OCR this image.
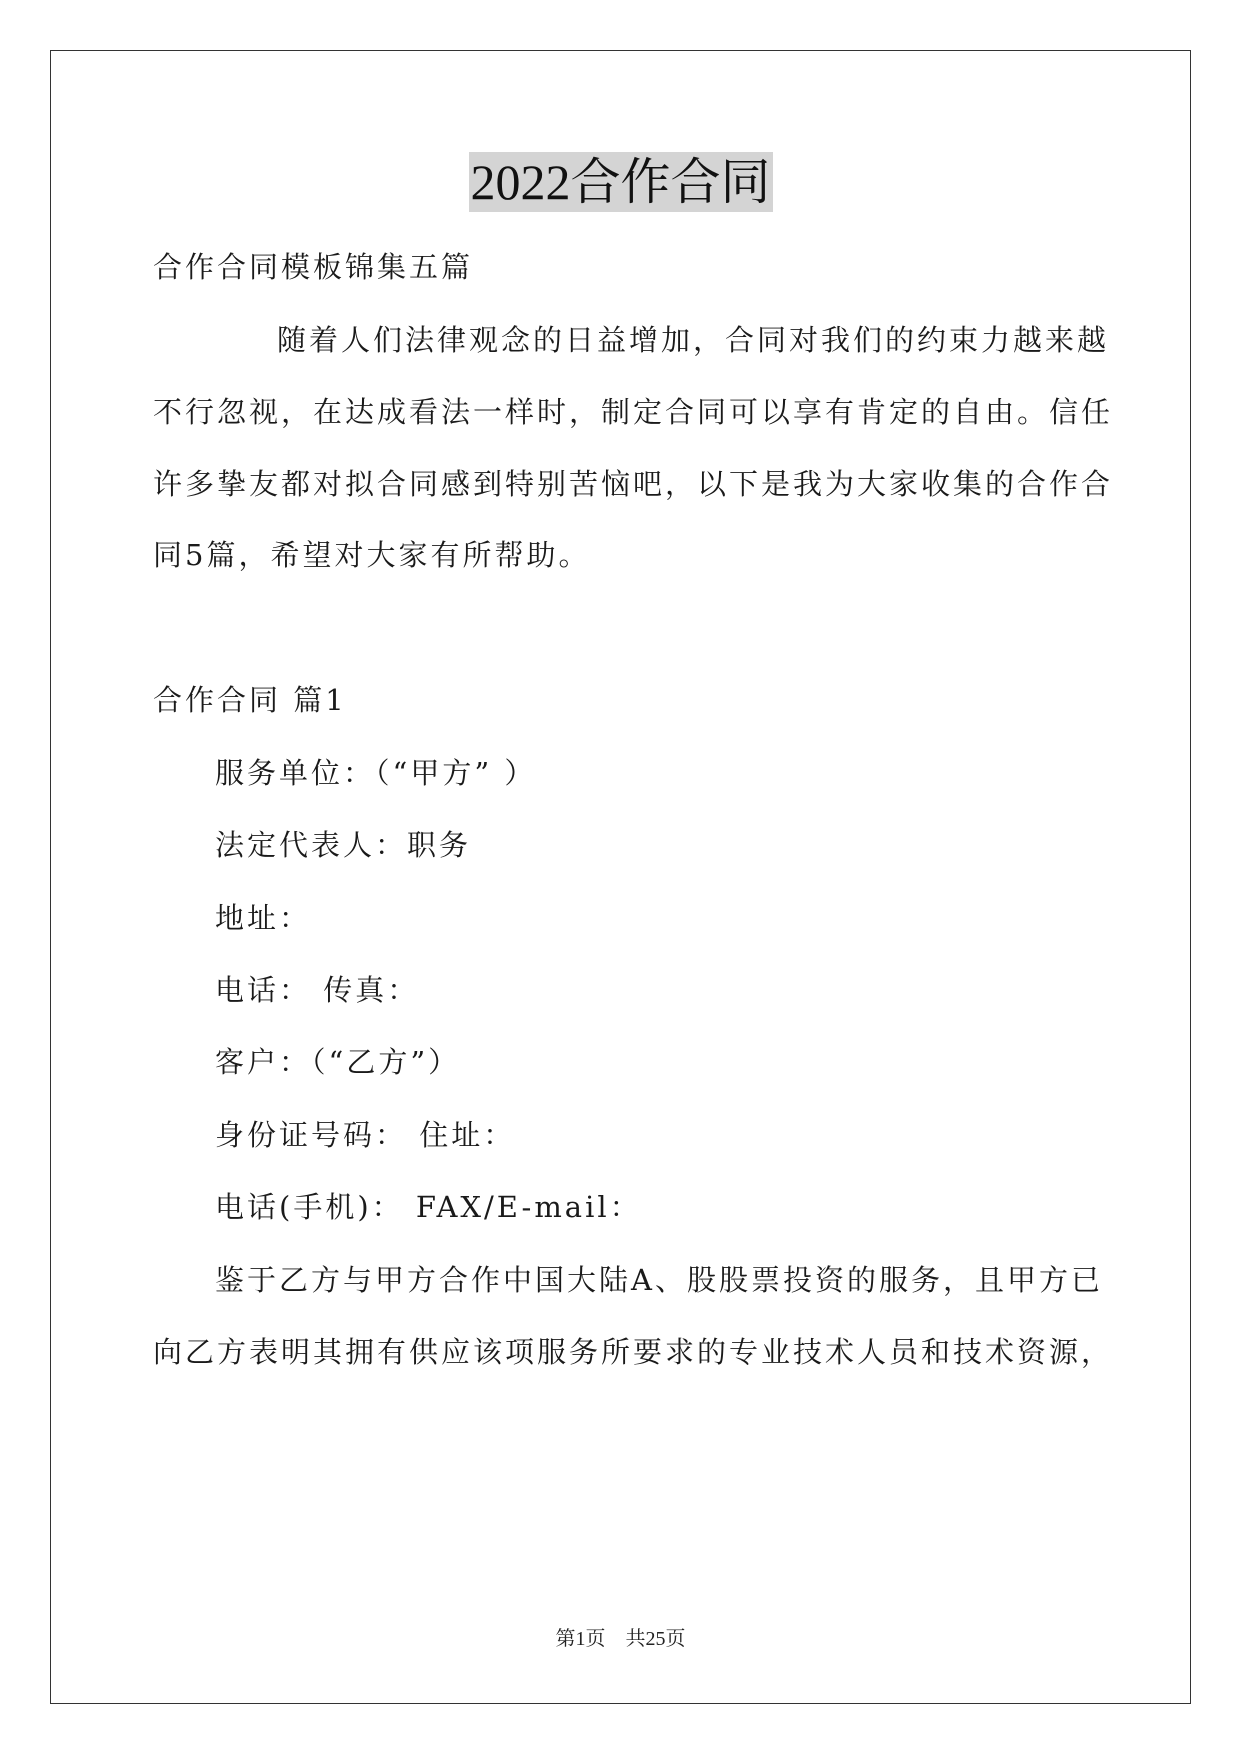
2022合作合同
合作合同模板锦集五篇
随着人们法律观念的日益增加，合同对我们的约束力越来越
不行忽视，在达成看法一样时，制定合同可以享有肯定的自由。信任
许多挚友都对拟合同感到特别苦恼吧，以下是我为大家收集的合作合
同5篇，希望对大家有所帮助。
合作合同 篇1
服务单位：（“甲方” ）
法定代表人：职务
地址：
电话： 传真：
客户：（“乙方”）
身份证号码： 住址：
电话(手机)： FAX/E-mail：
鉴于乙方与甲方合作中国大陆A、股股票投资的服务，且甲方已
向乙方表明其拥有供应该项服务所要求的专业技术人员和技术资源，
第1页　共25页
